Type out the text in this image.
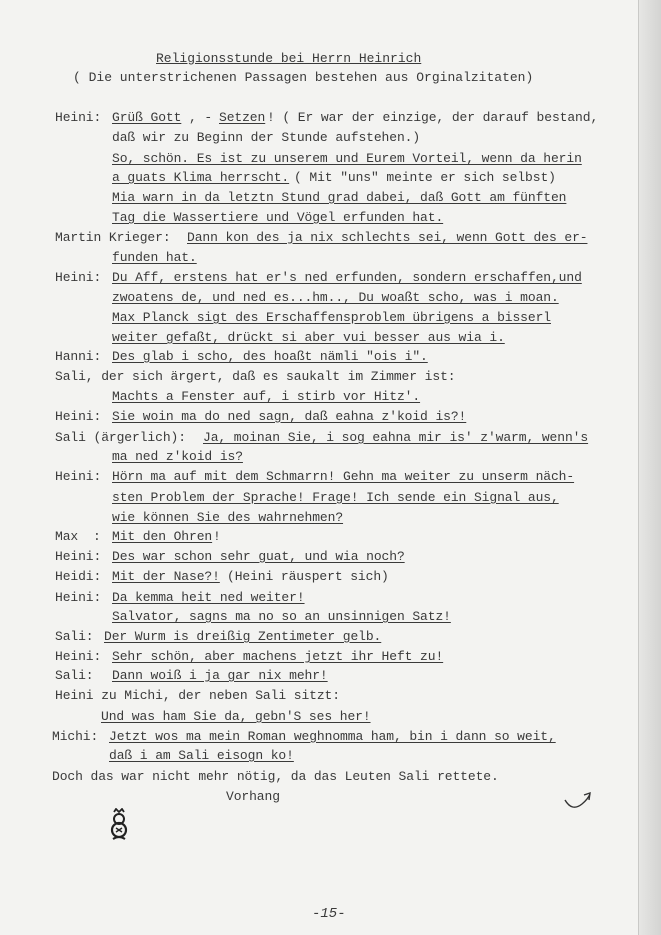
Religionsstunde bei Herrn Heinrich
( Die unterstrichenen Passagen bestehen aus Orginalzitaten)
Heini: Grüß Gott , - Setzen ! ( Er war der einzige, der darauf bestand,
daß wir zu Beginn der Stunde aufstehen.)
So, schön. Es ist zu unserem und Eurem Vorteil, wenn da herin
a guats Klima herrscht. ( Mit "uns" meinte er sich selbst)
Mia warn in da letztn Stund grad dabei, daß Gott am fünften
Tag die Wassertiere und Vögel erfunden hat.
Martin Krieger: Dann kon des ja nix schlechts sei, wenn Gott des er-
funden hat.
Heini: Du Aff, erstens hat er's ned erfunden, sondern erschaffen,und
zwoatens de, und ned es...hm.., Du woaßt scho, was i moan.
Max Planck sigt des Erschaffensproblem übrigens a bisserl
weiter gefaßt, drückt si aber vui besser aus wia i.
Hanni: Des glab i scho, des hoaßt nämli "ois i".
Sali, der sich ärgert, daß es saukalt im Zimmer ist:
Machts a Fenster auf, i stirb vor Hitz'.
Heini: Sie woin ma do ned sagn, daß eahna z'koid is?!
Sali (ärgerlich): Ja, moinan Sie, i sog eahna mir is' z'warm, wenn's
ma ned z'koid is?
Heini: Hörn ma auf mit dem Schmarrn! Gehn ma weiter zu unserm näch-
sten Problem der Sprache! Frage! Ich sende ein Signal aus,
wie können Sie des wahrnehmen?
Max : Mit den Ohren !
Heini: Des war schon sehr guat, und wia noch?
Heidi: Mit der Nase?! (Heini räuspert sich)
Heini: Da kemma heit ned weiter!
Salvator, sagns ma no so an unsinnigen Satz!
Sali: Der Wurm is dreißig Zentimeter gelb.
Heini: Sehr schön, aber machens jetzt ihr Heft zu!
Sali: Dann woiß i ja gar nix mehr!
Heini zu Michi, der neben Sali sitzt:
Und was ham Sie da, gebn'S ses her!
Michi: Jetzt wos ma mein Roman weghnomma ham, bin i dann so weit,
daß i am Sali eisogn ko!
Doch das war nicht mehr nötig, da das Leuten Sali rettete.
Vorhang
-15-
